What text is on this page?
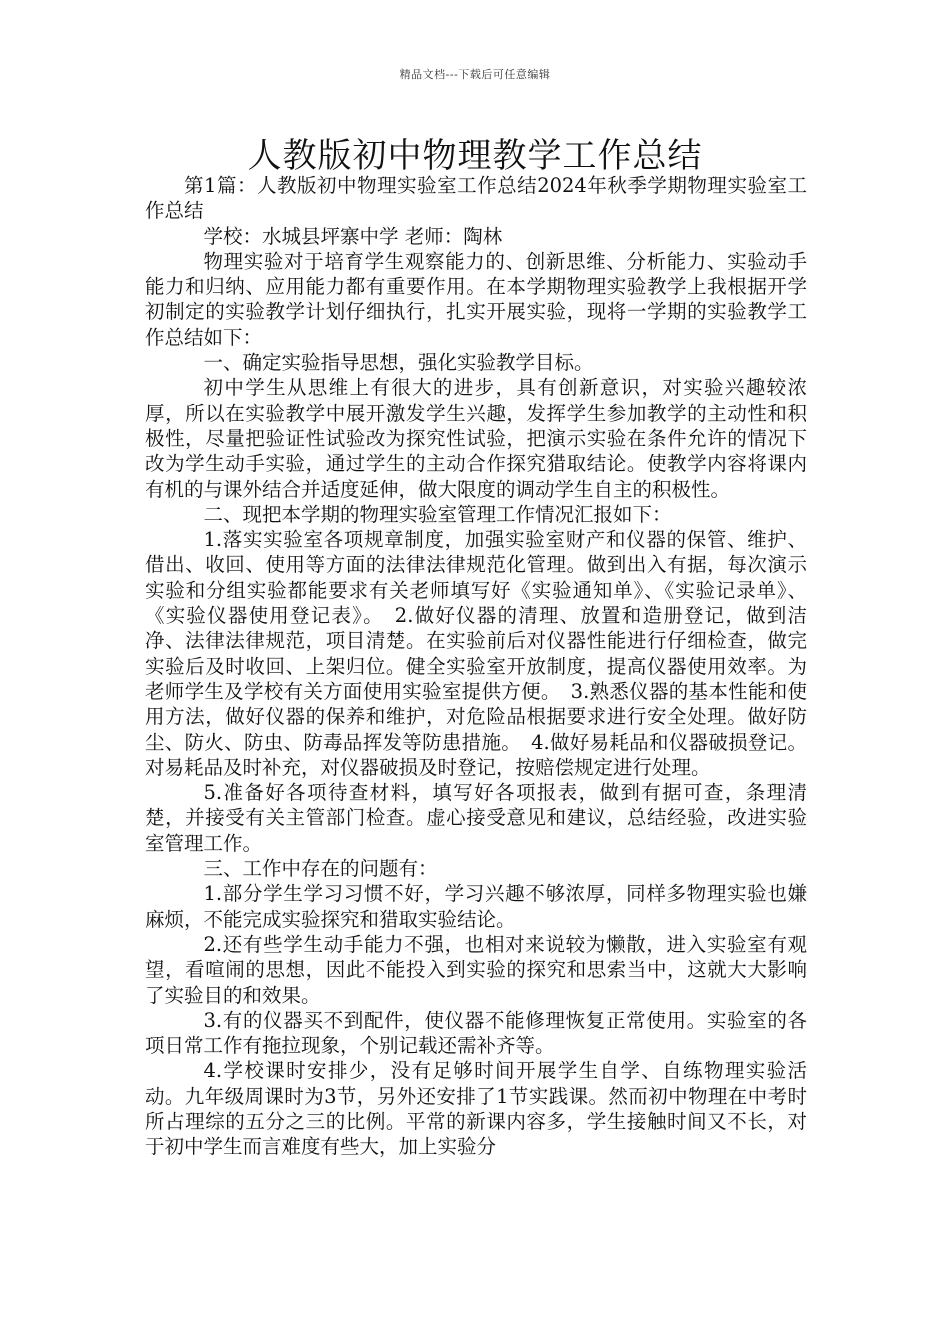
精品文档---下载后可任意编辑
人教版初中物理教学工作总结

第1篇：人教版初中物理实验室工作总结2024年秋季学期物理实验室工作总结

学校：水城县坪寨中学 老师：陶林

物理实验对于培育学生观察能力的、创新思维、分析能力、实验动手能力和归纳、应用能力都有重要作用。在本学期物理实验教学上我根据开学初制定的实验教学计划仔细执行，扎实开展实验，现将一学期的实验教学工作总结如下：

一、确定实验指导思想，强化实验教学目标。

初中学生从思维上有很大的进步，具有创新意识，对实验兴趣较浓厚，所以在实验教学中展开激发学生兴趣，发挥学生参加教学的主动性和积极性，尽量把验证性试验改为探究性试验，把演示实验在条件允许的情况下改为学生动手实验，通过学生的主动合作探究猎取结论。使教学内容将课内有机的与课外结合并适度延伸，做大限度的调动学生自主的积极性。

二、现把本学期的物理实验室管理工作情况汇报如下：

1.落实实验室各项规章制度，加强实验室财产和仪器的保管、维护、借出、收回、使用等方面的法律法律规范化管理。做到出入有据，每次演示实验和分组实验都能要求有关老师填写好《实验通知单》、《实验记录单》、《实验仪器使用登记表》。　2.做好仪器的清理、放置和造册登记，做到洁净、法律法律规范，项目清楚。在实验前后对仪器性能进行仔细检查，做完实验后及时收回、上架归位。健全实验室开放制度，提高仪器使用效率。为老师学生及学校有关方面使用实验室提供方便。　3.熟悉仪器的基本性能和使用方法，做好仪器的保养和维护，对危险品根据要求进行安全处理。做好防尘、防火、防虫、防毒品挥发等防患措施。　4.做好易耗品和仪器破损登记。对易耗品及时补充，对仪器破损及时登记，按赔偿规定进行处理。

5.准备好各项待查材料，填写好各项报表，做到有据可查，条理清楚，并接受有关主管部门检查。虚心接受意见和建议，总结经验，改进实验室管理工作。

三、工作中存在的问题有：

1.部分学生学习习惯不好，学习兴趣不够浓厚，同样多物理实验也嫌麻烦，不能完成实验探究和猎取实验结论。

2.还有些学生动手能力不强，也相对来说较为懒散，进入实验室有观望，看喧闹的思想，因此不能投入到实验的探究和思索当中，这就大大影响了实验目的和效果。

3.有的仪器买不到配件，使仪器不能修理恢复正常使用。实验室的各项日常工作有拖拉现象，个别记载还需补齐等。

4.学校课时安排少，没有足够时间开展学生自学、自练物理实验活动。九年级周课时为3节，另外还安排了1节实践课。然而初中物理在中考时所占理综的五分之三的比例。平常的新课内容多，学生接触时间又不长，对于初中学生而言难度有些大，加上实验分
